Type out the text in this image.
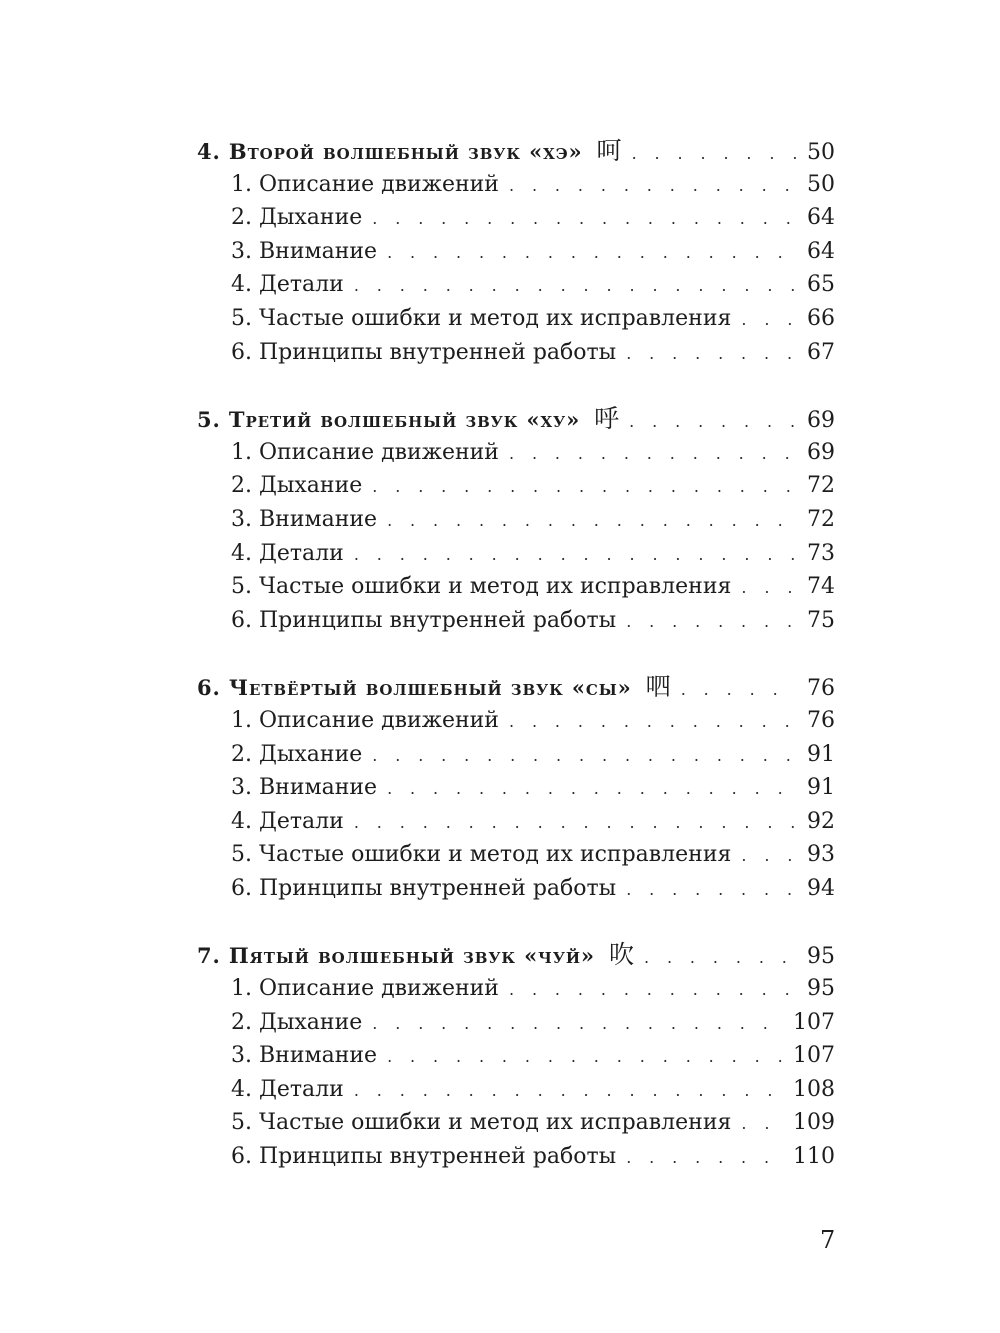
4. Второй волшебный звук «хэ» 呵 . . .	50
1. Описание движений . . .	50
2. Дыхание . . .	64
3. Внимание . . .	64
4. Детали . . .	65
5. Частые ошибки и метод их исправления . . .	66
6. Принципы внутренней работы . . .	67
5. Третий волшебный звук «ху» 呼 . . .	69
1. Описание движений . . .	69
2. Дыхание . . .	72
3. Внимание . . .	72
4. Детали . . .	73
5. Частые ошибки и метод их исправления . . .	74
6. Принципы внутренней работы . . .	75
6. Четвёртый волшебный звук «сы» 呬 . . .	76
1. Описание движений . . .	76
2. Дыхание . . .	91
3. Внимание . . .	91
4. Детали . . .	92
5. Частые ошибки и метод их исправления . . .	93
6. Принципы внутренней работы . . .	94
7. Пятый волшебный звук «чуй» 吹 . . .	95
1. Описание движений . . .	95
2. Дыхание . . .	107
3. Внимание . . .	107
4. Детали . . .	108
5. Частые ошибки и метод их исправления . . .	109
6. Принципы внутренней работы . . .	110
7
